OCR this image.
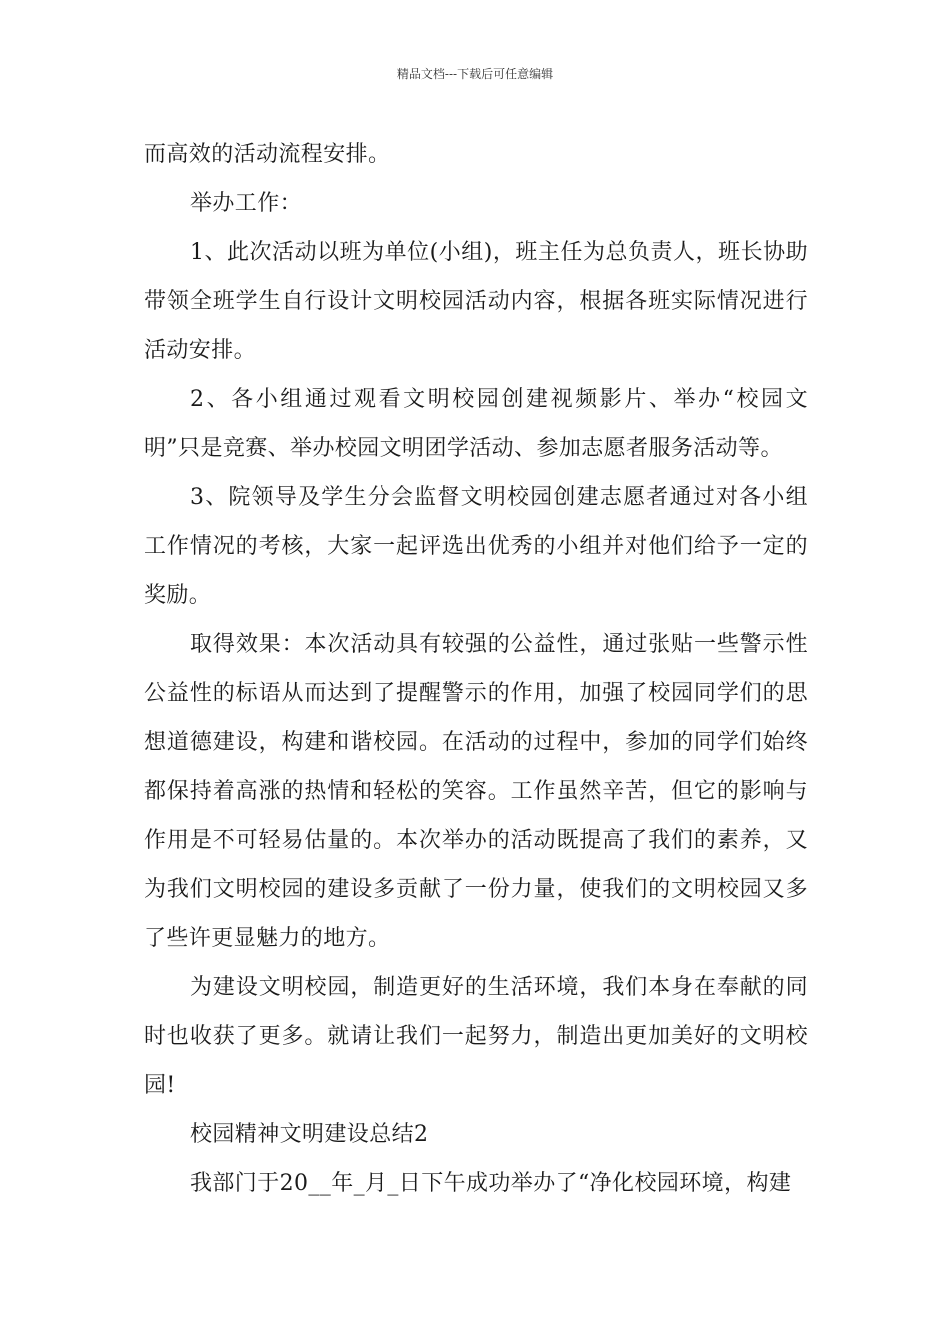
精品文档---下载后可任意编辑

而高效的活动流程安排。

举办工作：

1、此次活动以班为单位(小组)，班主任为总负责人，班长协助带领全班学生自行设计文明校园活动内容，根据各班实际情况进行活动安排。

2、各小组通过观看文明校园创建视频影片、举办“校园文明”只是竞赛、举办校园文明团学活动、参加志愿者服务活动等。

3、院领导及学生分会监督文明校园创建志愿者通过对各小组工作情况的考核，大家一起评选出优秀的小组并对他们给予一定的奖励。

取得效果：本次活动具有较强的公益性，通过张贴一些警示性公益性的标语从而达到了提醒警示的作用，加强了校园同学们的思想道德建设，构建和谐校园。在活动的过程中，参加的同学们始终都保持着高涨的热情和轻松的笑容。工作虽然辛苦，但它的影响与作用是不可轻易估量的。本次举办的活动既提高了我们的素养，又为我们文明校园的建设多贡献了一份力量，使我们的文明校园又多了些许更显魅力的地方。

为建设文明校园，制造更好的生活环境，我们本身在奉献的同时也收获了更多。就请让我们一起努力，制造出更加美好的文明校园!

校园精神文明建设总结2

我部门于20__年_月_日下午成功举办了“净化校园环境，构建
